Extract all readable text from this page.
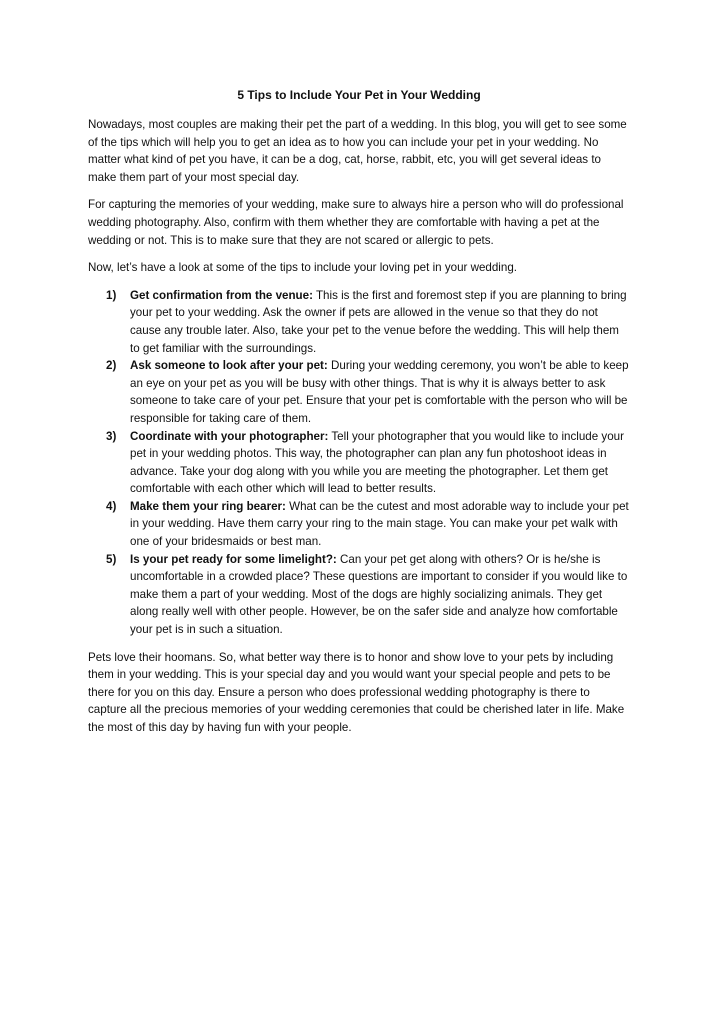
5 Tips to Include Your Pet in Your Wedding

Nowadays, most couples are making their pet the part of a wedding. In this blog, you will get to see some of the tips which will help you to get an idea as to how you can include your pet in your wedding. No matter what kind of pet you have, it can be a dog, cat, horse, rabbit, etc, you will get several ideas to make them part of your most special day.

For capturing the memories of your wedding, make sure to always hire a person who will do professional wedding photography. Also, confirm with them whether they are comfortable with having a pet at the wedding or not. This is to make sure that they are not scared or allergic to pets.

Now, let’s have a look at some of the tips to include your loving pet in your wedding.

1) Get confirmation from the venue: This is the first and foremost step if you are planning to bring your pet to your wedding. Ask the owner if pets are allowed in the venue so that they do not cause any trouble later. Also, take your pet to the venue before the wedding. This will help them to get familiar with the surroundings.
2) Ask someone to look after your pet: During your wedding ceremony, you won’t be able to keep an eye on your pet as you will be busy with other things. That is why it is always better to ask someone to take care of your pet. Ensure that your pet is comfortable with the person who will be responsible for taking care of them.
3) Coordinate with your photographer: Tell your photographer that you would like to include your pet in your wedding photos. This way, the photographer can plan any fun photoshoot ideas in advance. Take your dog along with you while you are meeting the photographer. Let them get comfortable with each other which will lead to better results.
4) Make them your ring bearer: What can be the cutest and most adorable way to include your pet in your wedding. Have them carry your ring to the main stage. You can make your pet walk with one of your bridesmaids or best man.
5) Is your pet ready for some limelight?: Can your pet get along with others? Or is he/she is uncomfortable in a crowded place? These questions are important to consider if you would like to make them a part of your wedding. Most of the dogs are highly socializing animals. They get along really well with other people. However, be on the safer side and analyze how comfortable your pet is in such a situation.

Pets love their hoomans. So, what better way there is to honor and show love to your pets by including them in your wedding. This is your special day and you would want your special people and pets to be there for you on this day. Ensure a person who does professional wedding photography is there to capture all the precious memories of your wedding ceremonies that could be cherished later in life. Make the most of this day by having fun with your people.
